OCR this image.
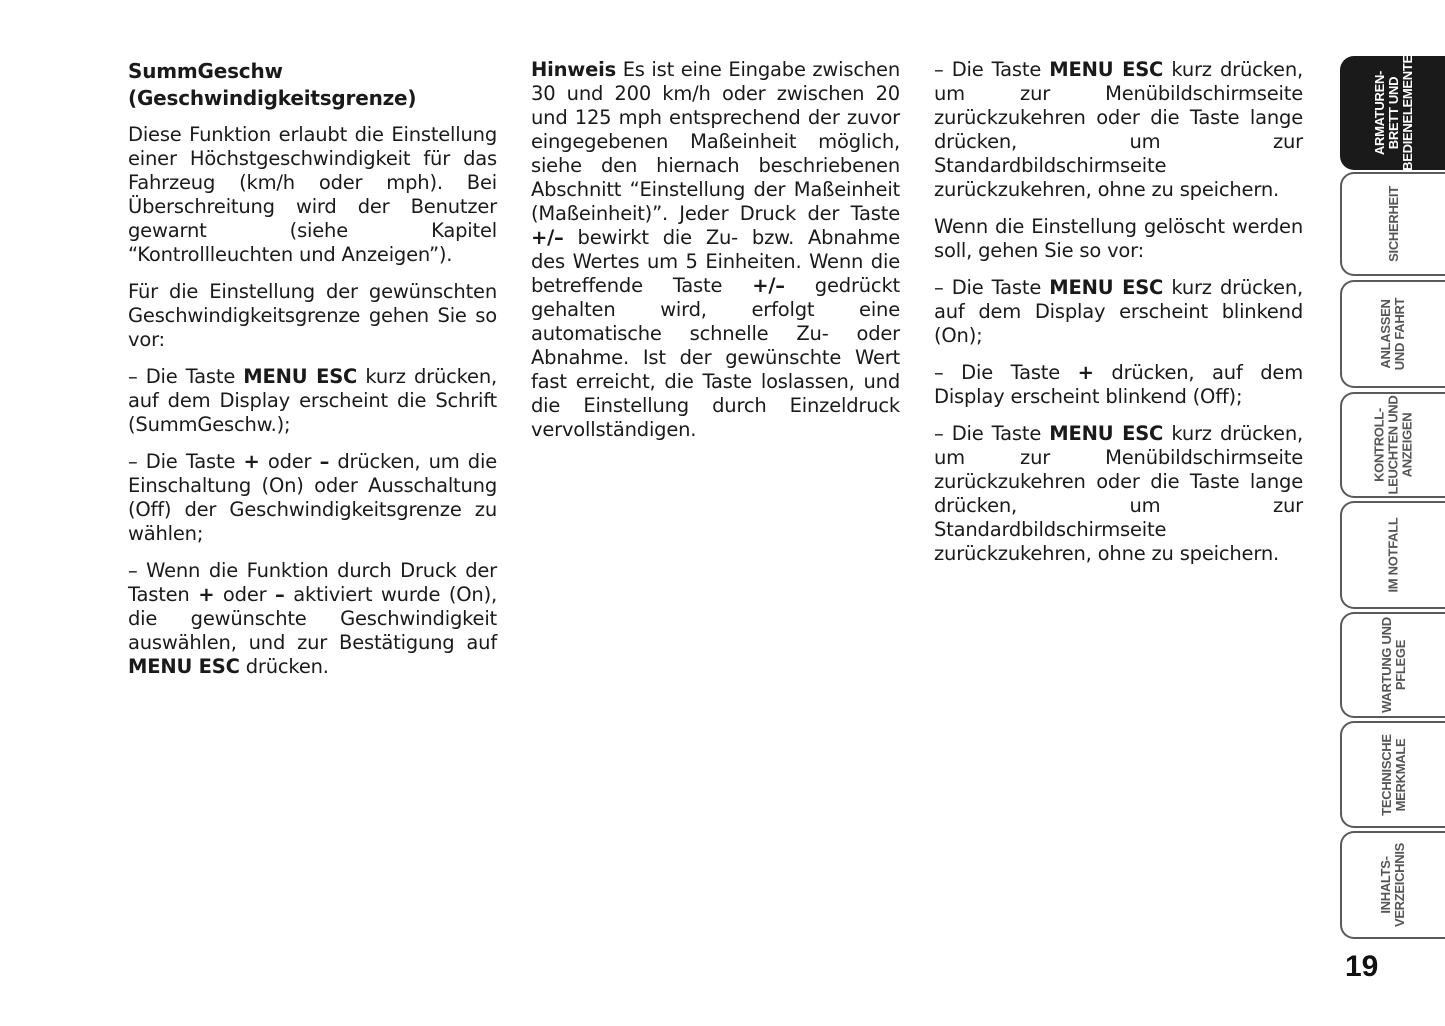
SummGeschw
(Geschwindigkeitsgrenze)

Diese Funktion erlaubt die Einstellung einer Höchstgeschwindigkeit für das Fahrzeug (km/h oder mph). Bei Überschreitung wird der Benutzer gewarnt (siehe Kapitel “Kontrollleuchten und Anzeigen”).

Für die Einstellung der gewünschten Geschwindigkeitsgrenze gehen Sie so vor:

– Die Taste MENU ESC kurz drücken, auf dem Display erscheint die Schrift (SummGeschw.);

– Die Taste + oder – drücken, um die Einschaltung (On) oder Ausschaltung (Off) der Geschwindigkeitsgrenze zu wählen;

– Wenn die Funktion durch Druck der Tasten + oder – aktiviert wurde (On), die gewünschte Geschwindigkeit auswählen, und zur Bestätigung auf MENU ESC drücken.

Hinweis Es ist eine Eingabe zwischen 30 und 200 km/h oder zwischen 20 und 125 mph entsprechend der zuvor eingegebenen Maßeinheit möglich, siehe den hiernach beschriebenen Abschnitt “Einstellung der Maßeinheit (Maßeinheit)”. Jeder Druck der Taste +/– bewirkt die Zu- bzw. Abnahme des Wertes um 5 Einheiten. Wenn die betreffende Taste +/– gedrückt gehalten wird, erfolgt eine automatische schnelle Zu- oder Abnahme. Ist der gewünschte Wert fast erreicht, die Taste loslassen, und die Einstellung durch Einzeldruck vervollständigen.

– Die Taste MENU ESC kurz drücken, um zur Menübildschirmseite zurückzukehren oder die Taste lange drücken, um zur Standardbildschirmseite zurückzukehren, ohne zu speichern.

Wenn die Einstellung gelöscht werden soll, gehen Sie so vor:

– Die Taste MENU ESC kurz drücken, auf dem Display erscheint blinkend (On);

– Die Taste + drücken, auf dem Display erscheint blinkend (Off);

– Die Taste MENU ESC kurz drücken, um zur Menübildschirmseite zurückzukehren oder die Taste lange drücken, um zur Standardbildschirmseite zurückzukehren, ohne zu speichern.

ARMATUREN-
BRETT UND
BEDIENELEMENTE
SICHERHEIT
ANLASSEN
UND FAHRT
KONTROLL-
LEUCHTEN UND
ANZEIGEN
IM NOTFALL
WARTUNG UND
PFLEGE
TECHNISCHE
MERKMALE
INHALTS-
VERZEICHNIS
19
